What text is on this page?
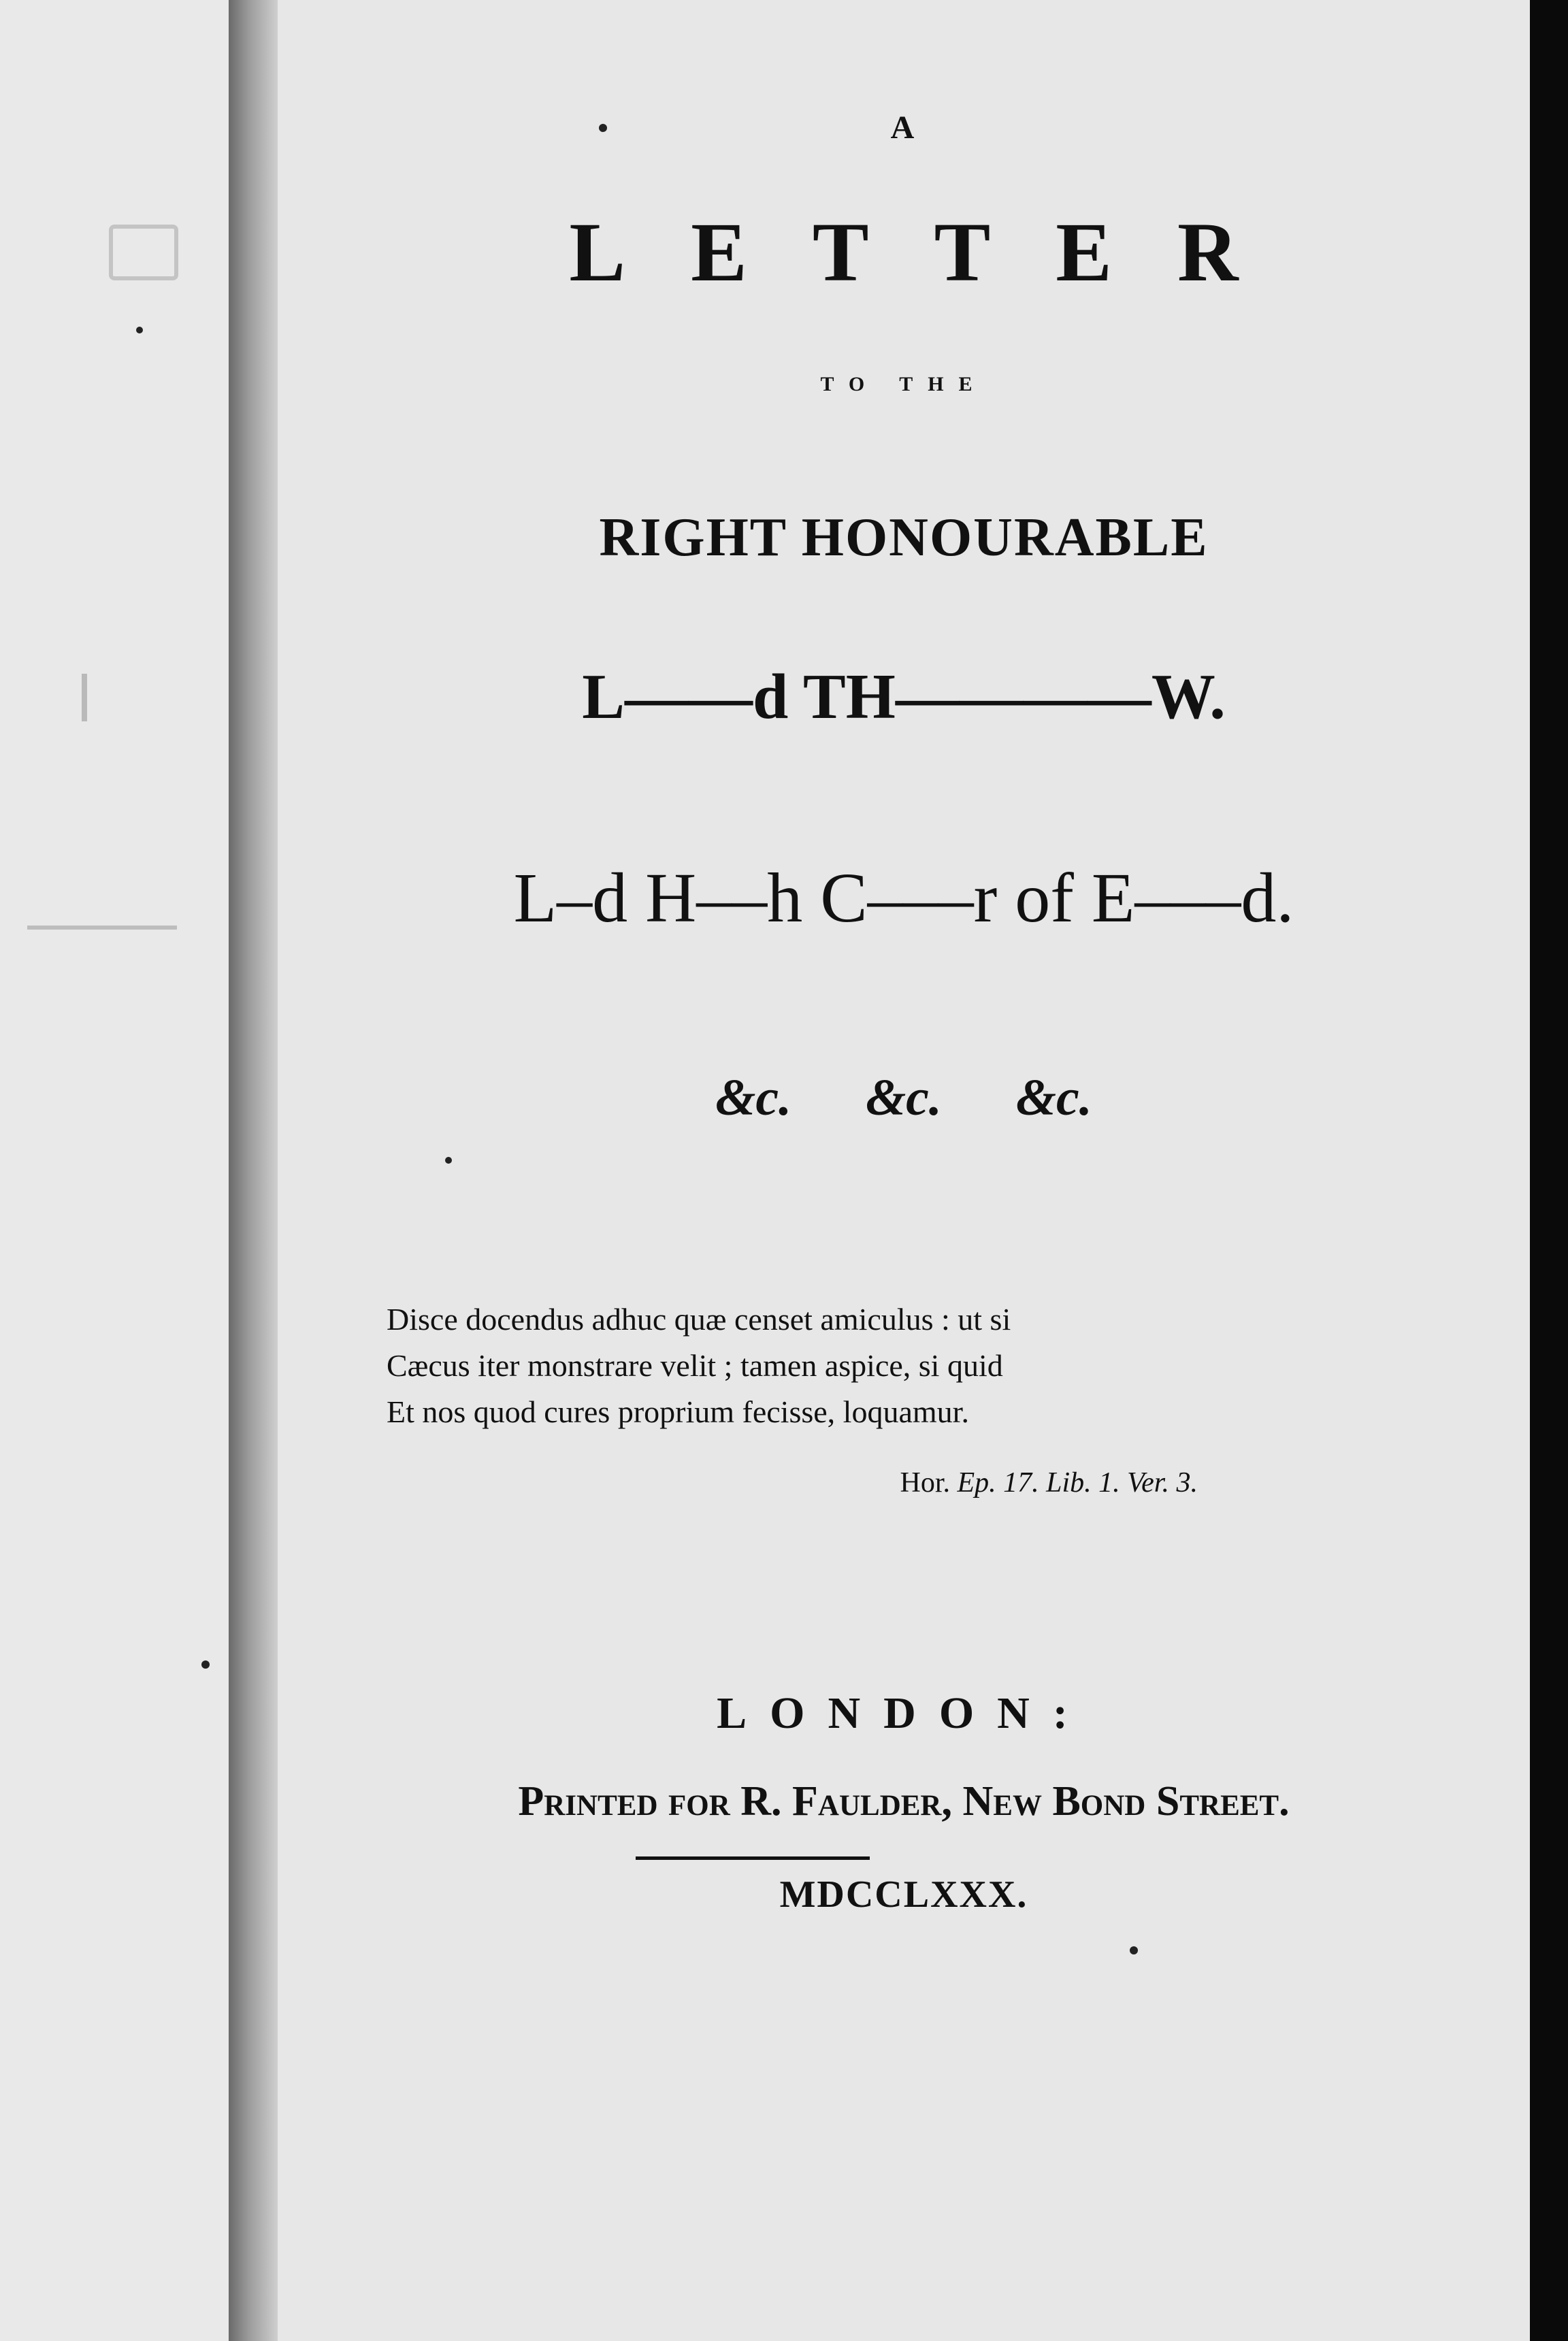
A
L E T T E R
TO THE
RIGHT HONOURABLE
L——d TH————W.
L–d H––h C–––r of E–––d.
&c. &c. &c.
Disce docendus adhuc quæ censet amiculus : ut si
Cæcus iter monstrare velit ; tamen aspice, si quid
Et nos quod cures proprium fecisse, loquamur.
Hor. Ep. 17. Lib. 1. Ver. 3.
LONDON:
Printed for R. Faulder, New Bond Street.
MDCCLXXX.
